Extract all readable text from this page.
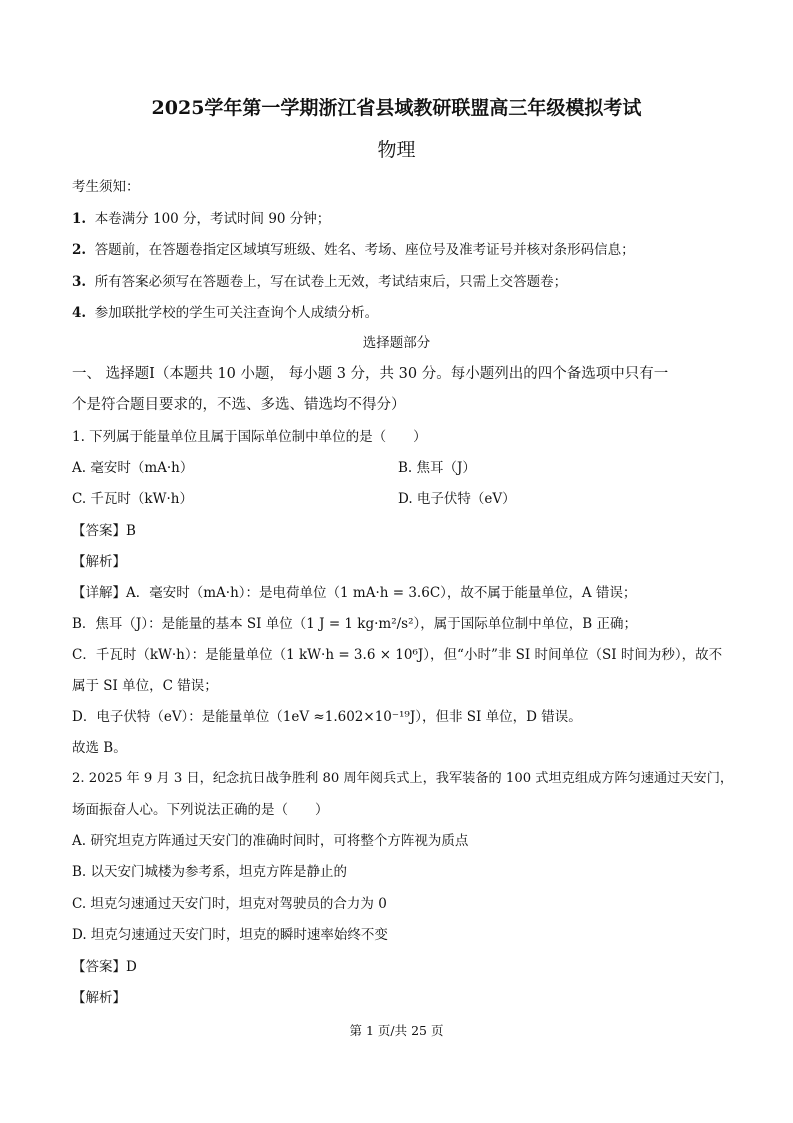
2025学年第一学期浙江省县域教研联盟高三年级模拟考试
物理
考生须知：
1. 本卷满分 100 分，考试时间 90 分钟；
2. 答题前，在答题卷指定区域填写班级、姓名、考场、座位号及准考证号并核对条形码信息；
3. 所有答案必须写在答题卷上，写在试卷上无效，考试结束后，只需上交答题卷；
4. 参加联批学校的学生可关注查询个人成绩分析。
选择题部分
一、 选择题Ⅰ（本题共 10 小题， 每小题 3 分，共 30 分。每小题列出的四个备选项中只有一
个是符合题目要求的，不选、多选、错选均不得分）
1. 下列属于能量单位且属于国际单位制中单位的是（　　）
A. 毫安时（mA·h）	B. 焦耳（J）
C. 千瓦时（kW·h）	D. 电子伏特（eV）
【答案】B
【解析】
【详解】A．毫安时（mA·h）：是电荷单位（1 mA·h = 3.6C），故不属于能量单位，A 错误；
B．焦耳（J）：是能量的基本 SI 单位（1 J = 1 kg·m²/s²），属于国际单位制中单位，B 正确；
C．千瓦时（kW·h）：是能量单位（1 kW·h = 3.6 × 10⁶J），但“小时”非 SI 时间单位（SI 时间为秒），故不
属于 SI 单位，C 错误；
D．电子伏特（eV）：是能量单位（1eV ≈1.602×10⁻¹⁹J），但非 SI 单位，D 错误。
故选 B。
2. 2025 年 9 月 3 日，纪念抗日战争胜利 80 周年阅兵式上，我军装备的 100 式坦克组成方阵匀速通过天安门，
场面振奋人心。下列说法正确的是（　　）
A. 研究坦克方阵通过天安门的准确时间时，可将整个方阵视为质点
B. 以天安门城楼为参考系，坦克方阵是静止的
C. 坦克匀速通过天安门时，坦克对驾驶员的合力为 0
D. 坦克匀速通过天安门时，坦克的瞬时速率始终不变
【答案】D
【解析】
第 1 页/共 25 页
